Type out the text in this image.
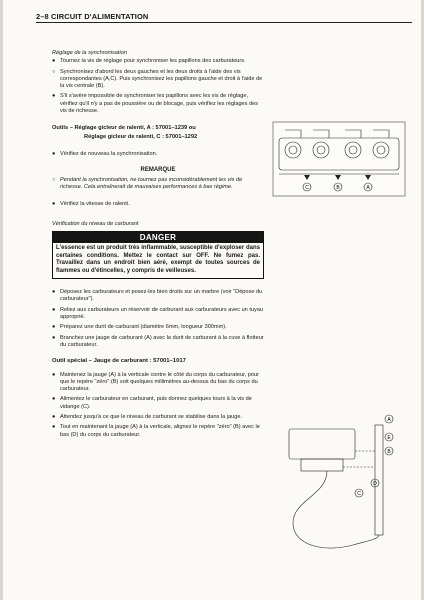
2–8 CIRCUIT D'ALIMENTATION
Réglage de la synchronisation
● Tournez la vis de réglage pour synchroniser les papillons des carburateurs.
○ Synchronisez d'abord les deux gauches et les deux droits à l'aide des vis correspondantes (A,C). Puis synchronisez les papillons gauche et droit à l'aide de la vis centrale (B).
● S'il s'avère impossible de synchroniser les papillons avec les vis de réglage, vérifiez qu'il n'y a pas de poussière ou de blocage, puis vérifiez les réglages des vis de richesse.
Outils – Réglage gicleur de ralenti, A : 57001–1239 ou
Réglage gicleur de ralenti, C : 57001–1292
● Vérifiez de nouveau la synchronisation.
REMARQUE
○ Pendant la synchronisation, ne tournez pas inconsidérablement les vis de richesse. Cela entraînerait de mauvaises performances à bas régime.
● Vérifiez la vitesse de ralenti.
Vérification du niveau de carburant
DANGER
L'essence est un produit très inflammable, susceptible d'exploser dans certaines conditions. Mettez le contact sur OFF. Ne fumez pas. Travaillez dans un endroit bien aéré, exempt de toutes sources de flammes ou d'étincelles, y compris de veilleuses.
● Déposez les carburateurs et posez-les bien droits sur un marbre (voir "Dépose du carburateur").
● Reliez aux carburateurs un réservoir de carburant aux carburateurs avec un tuyau approprié.
● Préparez une durit de carburant (diamètre 6mm, longueur 300mm).
● Branchez une jauge de carburant (A) avec la durit de carburant à la cuve à flotteur du carburateur.
Outil spécial – Jauge de carburant : 57001–1017
● Maintenez la jauge (A) à la verticale contre le côté du corps du carburateur, pour que le repère "zéro" (B) soit quelques millimètres au-dessus du bas du corps du carburateur.
● Alimentez le carburateur en carburant, puis donnez quelques tours à la vis de vidange (C).
● Attendez jusqu'à ce que le niveau de carburant se stabilise dans la jauge.
● Tout en maintenant la jauge (A) à la verticale, alignez le repère "zéro" (B) avec le bas (D) du corps du carburateur.
C	B	A
A
E
B
D
C
